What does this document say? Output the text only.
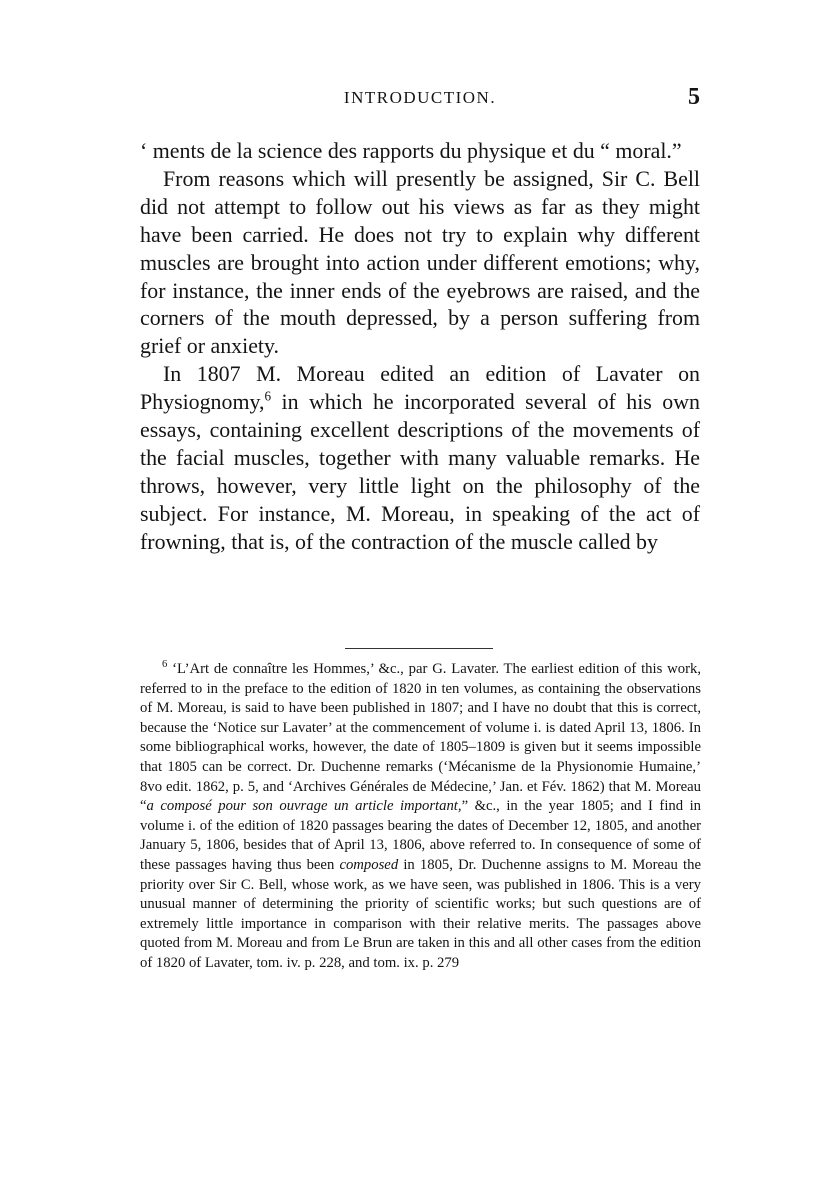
INTRODUCTION.	5

‘ ments de la science des rapports du physique et du “ moral.”

From reasons which will presently be assigned, Sir C. Bell did not attempt to follow out his views as far as they might have been carried. He does not try to explain why different muscles are brought into action under different emotions; why, for instance, the inner ends of the eyebrows are raised, and the corners of the mouth depressed, by a person suffering from grief or anxiety.

In 1807 M. Moreau edited an edition of Lavater on Physiognomy,$^6$ in which he incorporated several of his own essays, containing excellent descriptions of the movements of the facial muscles, together with many valuable remarks. He throws, however, very little light on the philosophy of the subject. For instance, M. Moreau, in speaking of the act of frowning, that is, of the contraction of the muscle called by

$^6$ ‘L’Art de connaître les Hommes,’ &c., par G. Lavater. The earliest edition of this work, referred to in the preface to the edition of 1820 in ten volumes, as containing the observations of M. Moreau, is said to have been published in 1807; and I have no doubt that this is correct, because the ‘Notice sur Lavater’ at the commencement of volume i. is dated April 13, 1806. In some bibliographical works, however, the date of 1805–1809 is given but it seems impossible that 1805 can be correct. Dr. Duchenne remarks (‘Mécanisme de la Physionomie Humaine,’ 8vo edit. 1862, p. 5, and ‘Archives Générales de Médecine,’ Jan. et Fév. 1862) that M. Moreau “a composé pour son ouvrage un article important,” &c., in the year 1805; and I find in volume i. of the edition of 1820 passages bearing the dates of December 12, 1805, and another January 5, 1806, besides that of April 13, 1806, above referred to. In consequence of some of these passages having thus been composed in 1805, Dr. Duchenne assigns to M. Moreau the priority over Sir C. Bell, whose work, as we have seen, was published in 1806. This is a very unusual manner of determining the priority of scientific works; but such questions are of extremely little importance in comparison with their relative merits. The passages above quoted from M. Moreau and from Le Brun are taken in this and all other cases from the edition of 1820 of Lavater, tom. iv. p. 228, and tom. ix. p. 279
